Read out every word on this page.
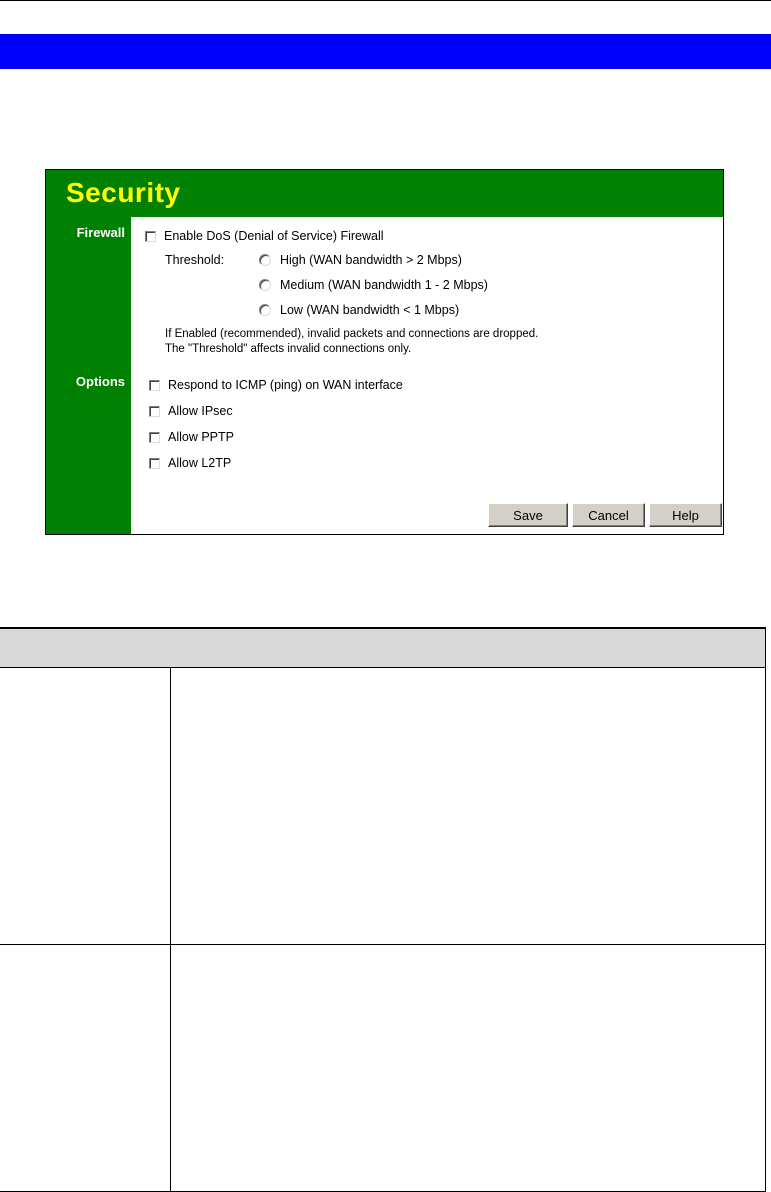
Security
Firewall
Options
Enable DoS (Denial of Service) Firewall
Threshold:	High (WAN bandwidth > 2 Mbps)
Medium (WAN bandwidth 1 - 2 Mbps)
Low (WAN bandwidth < 1 Mbps)
If Enabled (recommended), invalid packets and connections are dropped.
The "Threshold" affects invalid connections only.
Respond to ICMP (ping) on WAN interface
Allow IPsec
Allow PPTP
Allow L2TP
Save	Cancel	Help
